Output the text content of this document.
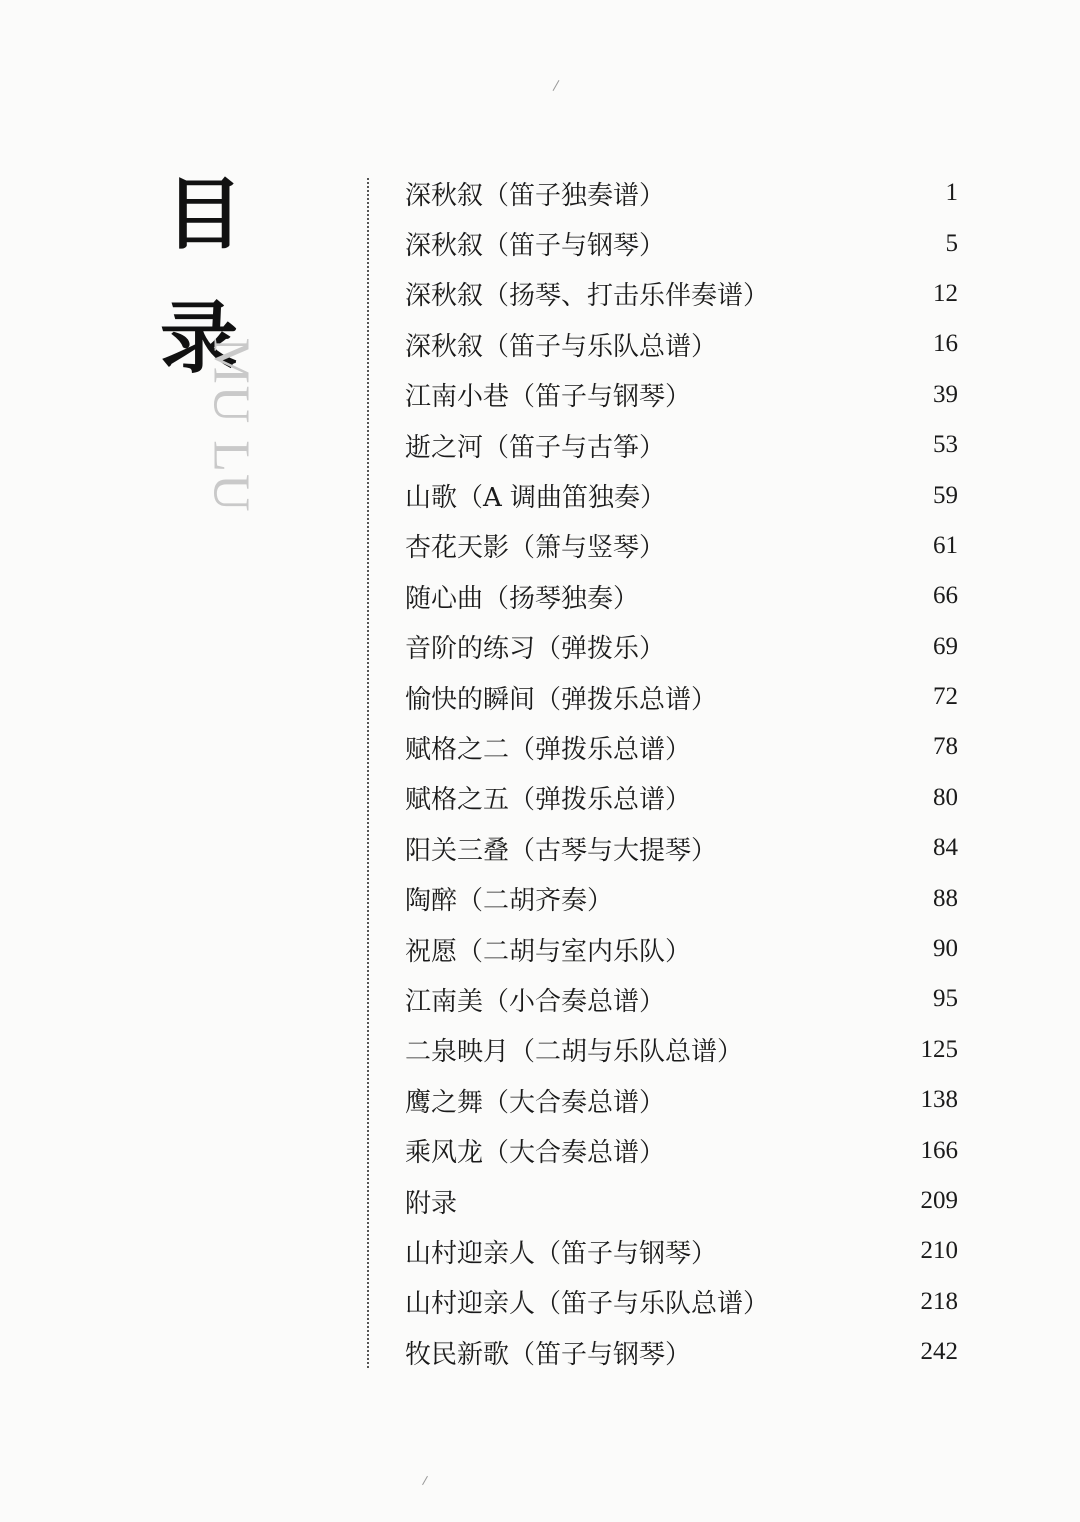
目
录
MU LU
深秋叙（笛子独奏谱）	1
深秋叙（笛子与钢琴）	5
深秋叙（扬琴、打击乐伴奏谱）	12
深秋叙（笛子与乐队总谱）	16
江南小巷（笛子与钢琴）	39
逝之河（笛子与古筝）	53
山歌（A 调曲笛独奏）	59
杏花天影（箫与竖琴）	61
随心曲（扬琴独奏）	66
音阶的练习（弹拨乐）	69
愉快的瞬间（弹拨乐总谱）	72
赋格之二（弹拨乐总谱）	78
赋格之五（弹拨乐总谱）	80
阳关三叠（古琴与大提琴）	84
陶醉（二胡齐奏）	88
祝愿（二胡与室内乐队）	90
江南美（小合奏总谱）	95
二泉映月（二胡与乐队总谱）	125
鹰之舞（大合奏总谱）	138
乘风龙（大合奏总谱）	166
附录	209
山村迎亲人（笛子与钢琴）	210
山村迎亲人（笛子与乐队总谱）	218
牧民新歌（笛子与钢琴）	242
